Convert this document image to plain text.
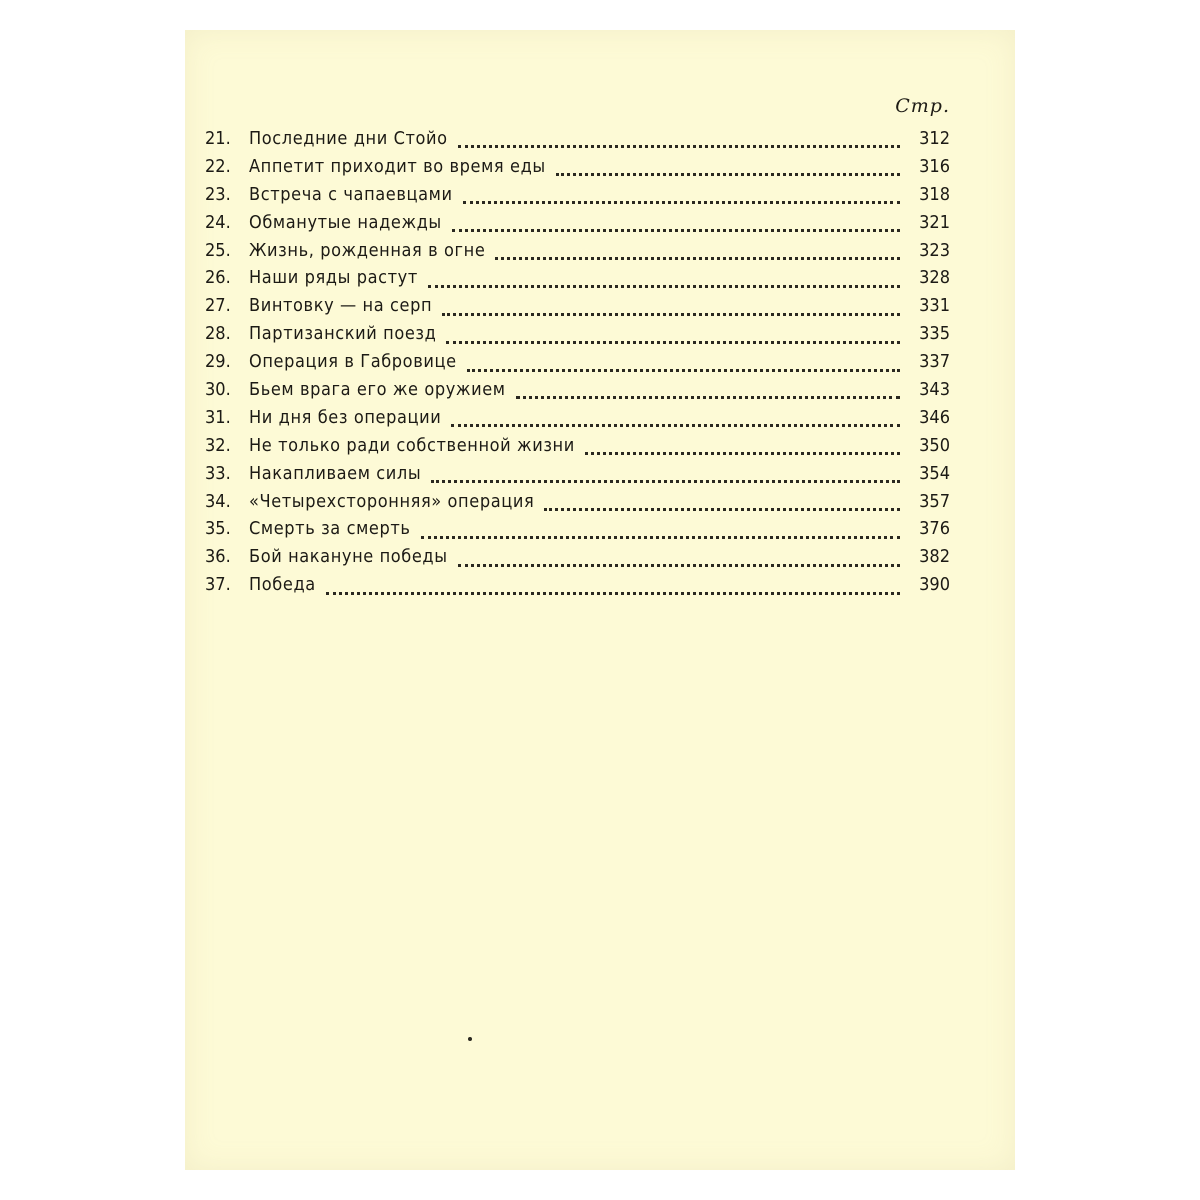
Стр.
21.	Последние дни Стойо	312
22.	Аппетит приходит во время еды	316
23.	Встреча с чапаевцами	318
24.	Обманутые надежды	321
25.	Жизнь, рожденная в огне	323
26.	Наши ряды растут	328
27.	Винтовку — на серп	331
28.	Партизанский поезд	335
29.	Операция в Габровице	337
30.	Бьем врага его же оружием	343
31.	Ни дня без операции	346
32.	Не только ради собственной жизни	350
33.	Накапливаем силы	354
34.	«Четырехсторонняя» операция	357
35.	Смерть за смерть	376
36.	Бой накануне победы	382
37.	Победа	390
